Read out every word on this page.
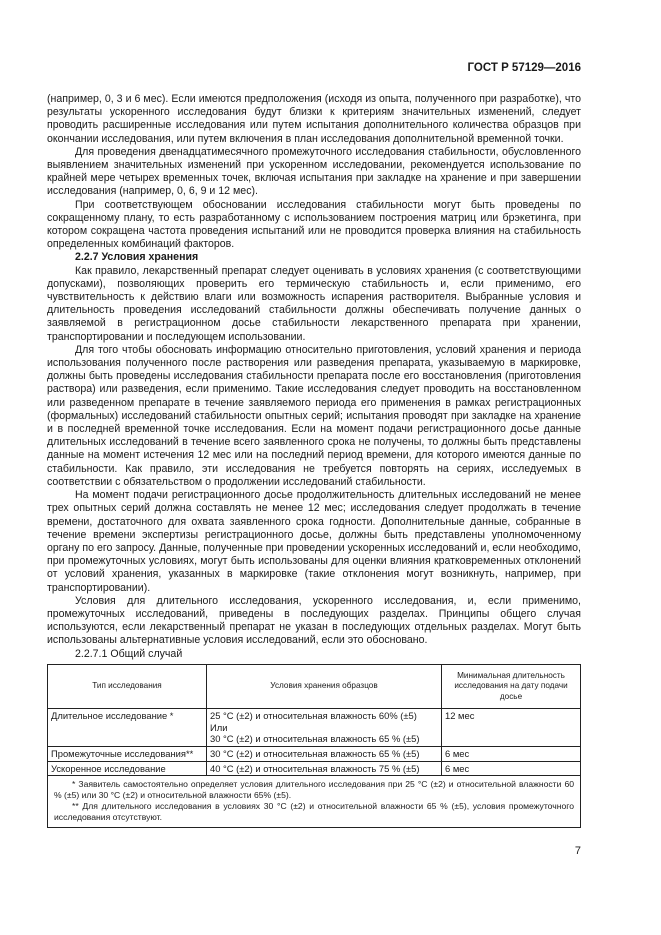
ГОСТ Р 57129—2016

(например, 0, 3 и 6 мес). Если имеются предположения (исходя из опыта, полученного при разработке), что результаты ускоренного исследования будут близки к критериям значительных изменений, следует проводить расширенные исследования или путем испытания дополнительного количества образцов при окончании исследования, или путем включения в план исследования дополнительной временной точки.

Для проведения двенадцатимесячного промежуточного исследования стабильности, обусловленного выявлением значительных изменений при ускоренном исследовании, рекомендуется использование по крайней мере четырех временных точек, включая испытания при закладке на хранение и при завершении исследования (например, 0, 6, 9 и 12 мес).

При соответствующем обосновании исследования стабильности могут быть проведены по сокращенному плану, то есть разработанному с использованием построения матриц или брэкетинга, при котором сокращена частота проведения испытаний или не проводится проверка влияния на стабильность определенных комбинаций факторов.

2.2.7 Условия хранения

Как правило, лекарственный препарат следует оценивать в условиях хранения (с соответствующими допусками), позволяющих проверить его термическую стабильность и, если применимо, его чувствительность к действию влаги или возможность испарения растворителя. Выбранные условия и длительность проведения исследований стабильности должны обеспечивать получение данных о заявляемой в регистрационном досье стабильности лекарственного препарата при хранении, транспортировании и последующем использовании.

Для того чтобы обосновать информацию относительно приготовления, условий хранения и периода использования полученного после растворения или разведения препарата, указываемую в маркировке, должны быть проведены исследования стабильности препарата после его восстановления (приготовления раствора) или разведения, если применимо. Такие исследования следует проводить на восстановленном или разведенном препарате в течение заявляемого периода его применения в рамках регистрационных (формальных) исследований стабильности опытных серий; испытания проводят при закладке на хранение и в последней временной точке исследования. Если на момент подачи регистрационного досье данные длительных исследований в течение всего заявленного срока не получены, то должны быть представлены данные на момент истечения 12 мес или на последний период времени, для которого имеются данные по стабильности. Как правило, эти исследования не требуется повторять на сериях, исследуемых в соответствии с обязательством о продолжении исследований стабильности.

На момент подачи регистрационного досье продолжительность длительных исследований не менее трех опытных серий должна составлять не менее 12 мес; исследования следует продолжать в течение времени, достаточного для охвата заявленного срока годности. Дополнительные данные, собранные в течение времени экспертизы регистрационного досье, должны быть представлены уполномоченному органу по его запросу. Данные, полученные при проведении ускоренных исследований и, если необходимо, при промежуточных условиях, могут быть использованы для оценки влияния кратковременных отклонений от условий хранения, указанных в маркировке (такие отклонения могут возникнуть, например, при транспортировании).

Условия для длительного исследования, ускоренного исследования, и, если применимо, промежуточных исследований, приведены в последующих разделах. Принципы общего случая используются, если лекарственный препарат не указан в последующих отдельных разделах. Могут быть использованы альтернативные условия исследований, если это обосновано.

2.2.7.1 Общий случай

Тип исследования	Условия хранения образцов	Минимальная длительность исследования на дату подачи досье
Длительное исследование *	25 °С (±2) и относительная влажность 60% (±5)
Или
30 °С (±2) и относительная влажность 65 % (±5)	12 мес
Промежуточные исследования**	30 °С (±2) и относительная влажность 65 % (±5)	6 мес
Ускоренное исследование	40 °С (±2) и относительная влажность 75 % (±5)	6 мес

* Заявитель самостоятельно определяет условия длительного исследования при 25 °С (±2) и относительной влажности 60 % (±5) или 30 °С (±2) и относительной влажности 65% (±5).
** Для длительного исследования в условиях 30 °С (±2) и относительной влажности 65 % (±5), условия промежуточного исследования отсутствуют.		
7
